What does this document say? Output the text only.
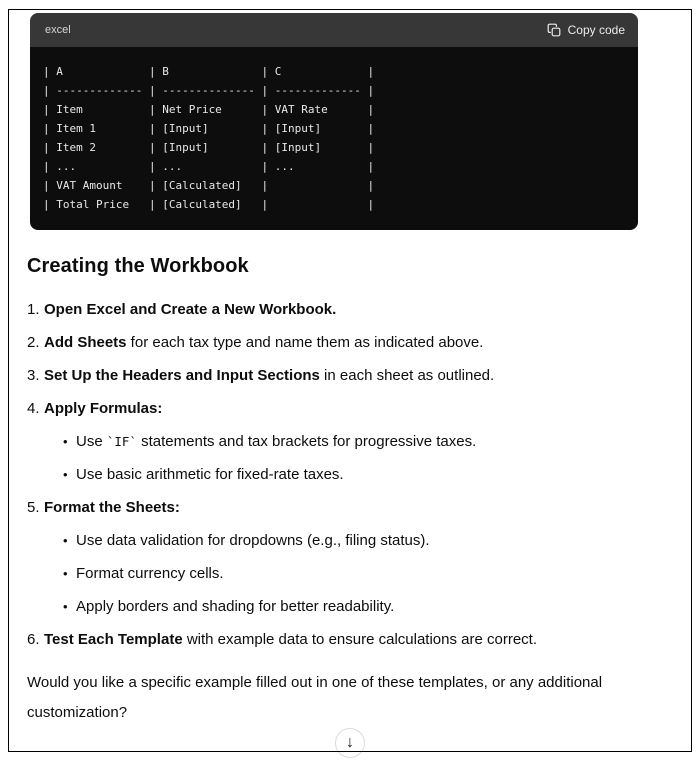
excel	Copy code
| A             | B              | C             |
| ------------- | -------------- | ------------- |
| Item          | Net Price      | VAT Rate      |
| Item 1        | [Input]        | [Input]       |
| Item 2        | [Input]        | [Input]       |
| ...           | ...            | ...           |
| VAT Amount    | [Calculated]   |               |
| Total Price   | [Calculated]   |               |
Creating the Workbook
1. Open Excel and Create a New Workbook.
2. Add Sheets for each tax type and name them as indicated above.
3. Set Up the Headers and Input Sections in each sheet as outlined.
4. Apply Formulas:
• Use `IF` statements and tax brackets for progressive taxes.
• Use basic arithmetic for fixed-rate taxes.
5. Format the Sheets:
• Use data validation for dropdowns (e.g., filing status).
• Format currency cells.
• Apply borders and shading for better readability.
6. Test Each Template with example data to ensure calculations are correct.

Would you like a specific example filled out in one of these templates, or any additional customization?

↓
